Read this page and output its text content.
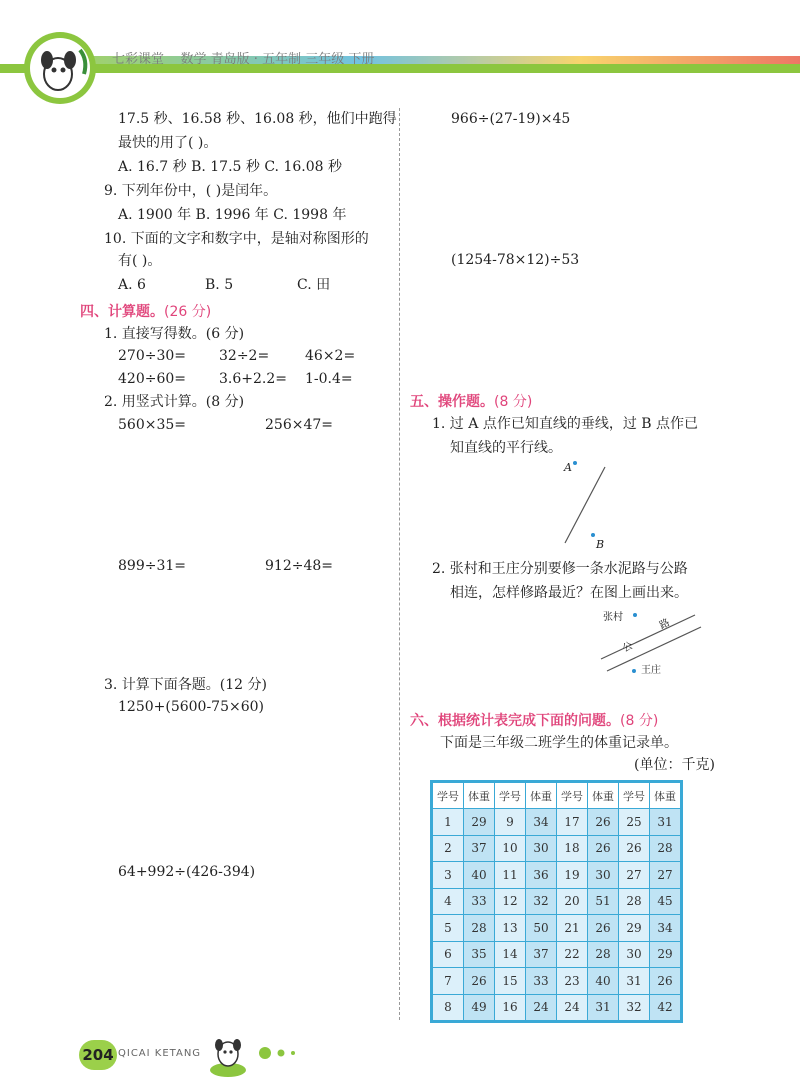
七彩课堂 数学 青岛版 · 五年制 三年级 下册
17.5 秒、16.58 秒、16.08 秒，他们中跑得
最快的用了( )。
A. 16.7 秒 B. 17.5 秒 C. 16.08 秒
9. 下列年份中，( )是闰年。
A. 1900 年 B. 1996 年 C. 1998 年
10. 下面的文字和数字中，是轴对称图形的
有( )。
A. 6	B. 5	C. 田
四、计算题。(26 分)
1. 直接写得数。(6 分)
270÷30= 32÷2=	46×2=
420÷60= 3.6+2.2= 1-0.4=
2. 用竖式计算。(8 分)
560×35=	256×47=
899÷31=	912÷48=
3. 计算下面各题。(12 分)
1250+(5600-75×60)
64+992÷(426-394)
966÷(27-19)×45
(1254-78×12)÷53
五、操作题。(8 分)
1. 过 A 点作已知直线的垂线，过 B 点作已
知直线的平行线。
A
B
2. 张村和王庄分别要修一条水泥路与公路
相连，怎样修路最近？在图上画出来。
张村
王庄
公
路
六、根据统计表完成下面的问题。(8 分)
下面是三年级二班学生的体重记录单。
(单位：千克)
学号	体重	学号	体重	学号	体重	学号	体重
1	29	9	34	17	26	25	31
2	37	10	30	18	26	26	28
3	40	11	36	19	30	27	27
4	33	12	32	20	51	28	45
5	28	13	50	21	26	29	34
6	35	14	37	22	28	30	29
7	26	15	33	23	40	31	26
8	49	16	24	24	31	32	42
204 QICAI KETANG
